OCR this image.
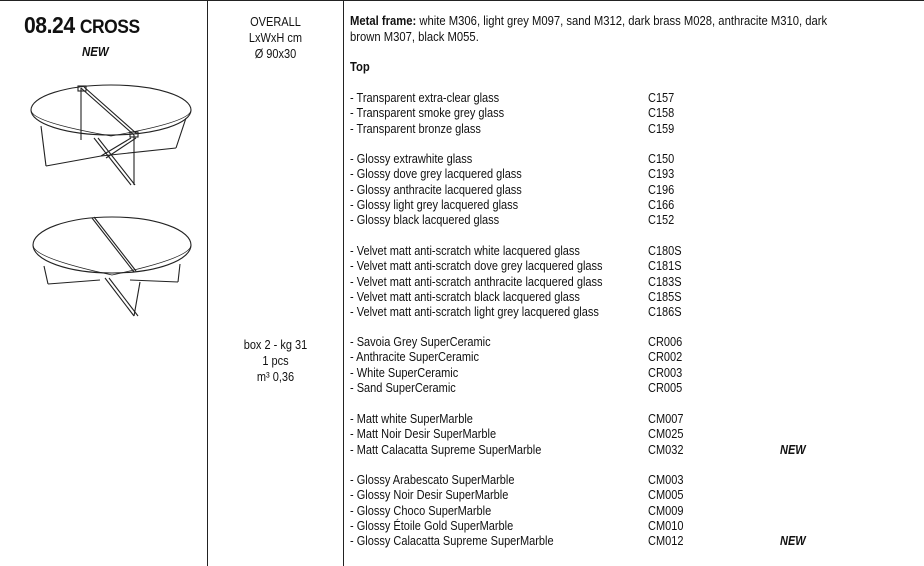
08.24 CROSS
NEW
OVERALL
LxWxH cm
Ø 90x30
box 2 - kg 31
1 pcs
m³ 0,36
Metal frame: white M306, light grey M097, sand M312, dark brass M028, anthracite M310, dark brown M307, black M055.
Top
- Transparent extra-clear glass	C157
- Transparent smoke grey glass	C158
- Transparent bronze glass	C159
- Glossy extrawhite glass	C150
- Glossy dove grey lacquered glass	C193
- Glossy anthracite lacquered glass	C196
- Glossy light grey lacquered glass	C166
- Glossy black lacquered glass	C152
- Velvet matt anti-scratch white lacquered glass	C180S
- Velvet matt anti-scratch dove grey lacquered glass	C181S
- Velvet matt anti-scratch anthracite lacquered glass	C183S
- Velvet matt anti-scratch black lacquered glass	C185S
- Velvet matt anti-scratch light grey lacquered glass	C186S
- Savoia Grey SuperCeramic	CR006
- Anthracite SuperCeramic	CR002
- White SuperCeramic	CR003
- Sand SuperCeramic	CR005
- Matt white SuperMarble	CM007
- Matt Noir Desir SuperMarble	CM025
- Matt Calacatta Supreme SuperMarble	CM032	NEW
- Glossy Arabescato SuperMarble	CM003
- Glossy Noir Desir SuperMarble	CM005
- Glossy Choco SuperMarble	CM009
- Glossy Étoile Gold SuperMarble	CM010
- Glossy Calacatta Supreme SuperMarble	CM012	NEW
